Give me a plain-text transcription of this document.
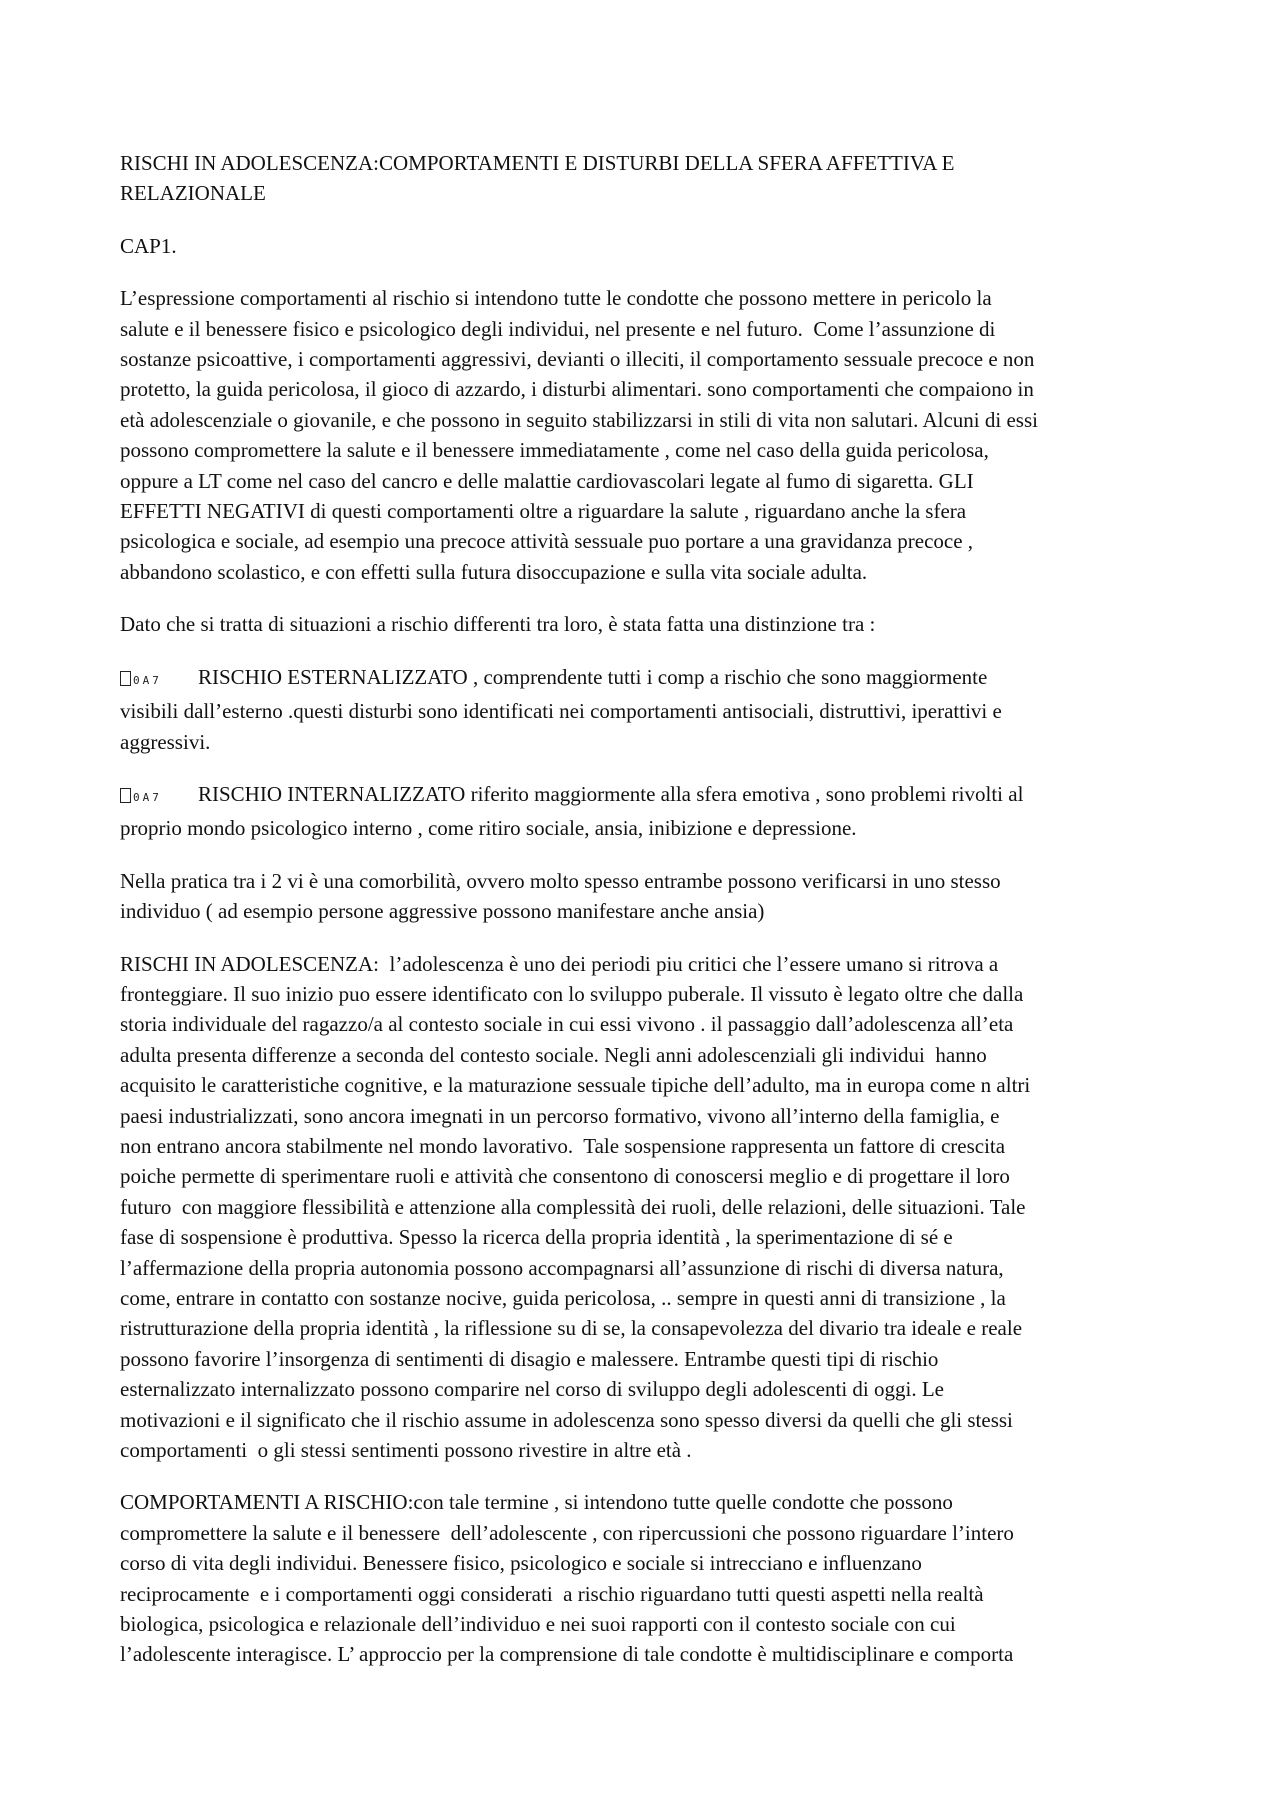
RISCHI IN ADOLESCENZA:COMPORTAMENTI E DISTURBI DELLA SFERA AFFETTIVA E
RELAZIONALE
CAP1.
L’espressione comportamenti al rischio si intendono tutte le condotte che possono mettere in pericolo la
salute e il benessere fisico e psicologico degli individui, nel presente e nel futuro.  Come l’assunzione di
sostanze psicoattive, i comportamenti aggressivi, devianti o illeciti, il comportamento sessuale precoce e non
protetto, la guida pericolosa, il gioco di azzardo, i disturbi alimentari. sono comportamenti che compaiono in
età adolescenziale o giovanile, e che possono in seguito stabilizzarsi in stili di vita non salutari. Alcuni di essi
possono compromettere la salute e il benessere immediatamente , come nel caso della guida pericolosa,
oppure a LT come nel caso del cancro e delle malattie cardiovascolari legate al fumo di sigaretta. GLI
EFFETTI NEGATIVI di questi comportamenti oltre a riguardare la salute , riguardano anche la sfera
psicologica e sociale, ad esempio una precoce attività sessuale puo portare a una gravidanza precoce ,
abbandono scolastico, e con effetti sulla futura disoccupazione e sulla vita sociale adulta.
Dato che si tratta di situazioni a rischio differenti tra loro, è stata fatta una distinzione tra :
0A7 RISCHIO ESTERNALIZZATO , comprendente tutti i comp a rischio che sono maggiormente
visibili dall’esterno .questi disturbi sono identificati nei comportamenti antisociali, distruttivi, iperattivi e
aggressivi.
0A7 RISCHIO INTERNALIZZATO riferito maggiormente alla sfera emotiva , sono problemi rivolti al
proprio mondo psicologico interno , come ritiro sociale, ansia, inibizione e depressione.
Nella pratica tra i 2 vi è una comorbilità, ovvero molto spesso entrambe possono verificarsi in uno stesso
individuo ( ad esempio persone aggressive possono manifestare anche ansia)
RISCHI IN ADOLESCENZA:  l’adolescenza è uno dei periodi piu critici che l’essere umano si ritrova a
fronteggiare. Il suo inizio puo essere identificato con lo sviluppo puberale. Il vissuto è legato oltre che dalla
storia individuale del ragazzo/a al contesto sociale in cui essi vivono . il passaggio dall’adolescenza all’eta
adulta presenta differenze a seconda del contesto sociale. Negli anni adolescenziali gli individui  hanno
acquisito le caratteristiche cognitive, e la maturazione sessuale tipiche dell’adulto, ma in europa come n altri
paesi industrializzati, sono ancora imegnati in un percorso formativo, vivono all’interno della famiglia, e
non entrano ancora stabilmente nel mondo lavorativo.  Tale sospensione rappresenta un fattore di crescita
poiche permette di sperimentare ruoli e attività che consentono di conoscersi meglio e di progettare il loro
futuro  con maggiore flessibilità e attenzione alla complessità dei ruoli, delle relazioni, delle situazioni. Tale
fase di sospensione è produttiva. Spesso la ricerca della propria identità , la sperimentazione di sé e
l’affermazione della propria autonomia possono accompagnarsi all’assunzione di rischi di diversa natura,
come, entrare in contatto con sostanze nocive, guida pericolosa, .. sempre in questi anni di transizione , la
ristrutturazione della propria identità , la riflessione su di se, la consapevolezza del divario tra ideale e reale
possono favorire l’insorgenza di sentimenti di disagio e malessere. Entrambe questi tipi di rischio
esternalizzato internalizzato possono comparire nel corso di sviluppo degli adolescenti di oggi. Le
motivazioni e il significato che il rischio assume in adolescenza sono spesso diversi da quelli che gli stessi
comportamenti  o gli stessi sentimenti possono rivestire in altre età .
COMPORTAMENTI A RISCHIO:con tale termine , si intendono tutte quelle condotte che possono
compromettere la salute e il benessere  dell’adolescente , con ripercussioni che possono riguardare l’intero
corso di vita degli individui. Benessere fisico, psicologico e sociale si intrecciano e influenzano
reciprocamente  e i comportamenti oggi considerati  a rischio riguardano tutti questi aspetti nella realtà
biologica, psicologica e relazionale dell’individuo e nei suoi rapporti con il contesto sociale con cui
l’adolescente interagisce. L’ approccio per la comprensione di tale condotte è multidisciplinare e comporta
